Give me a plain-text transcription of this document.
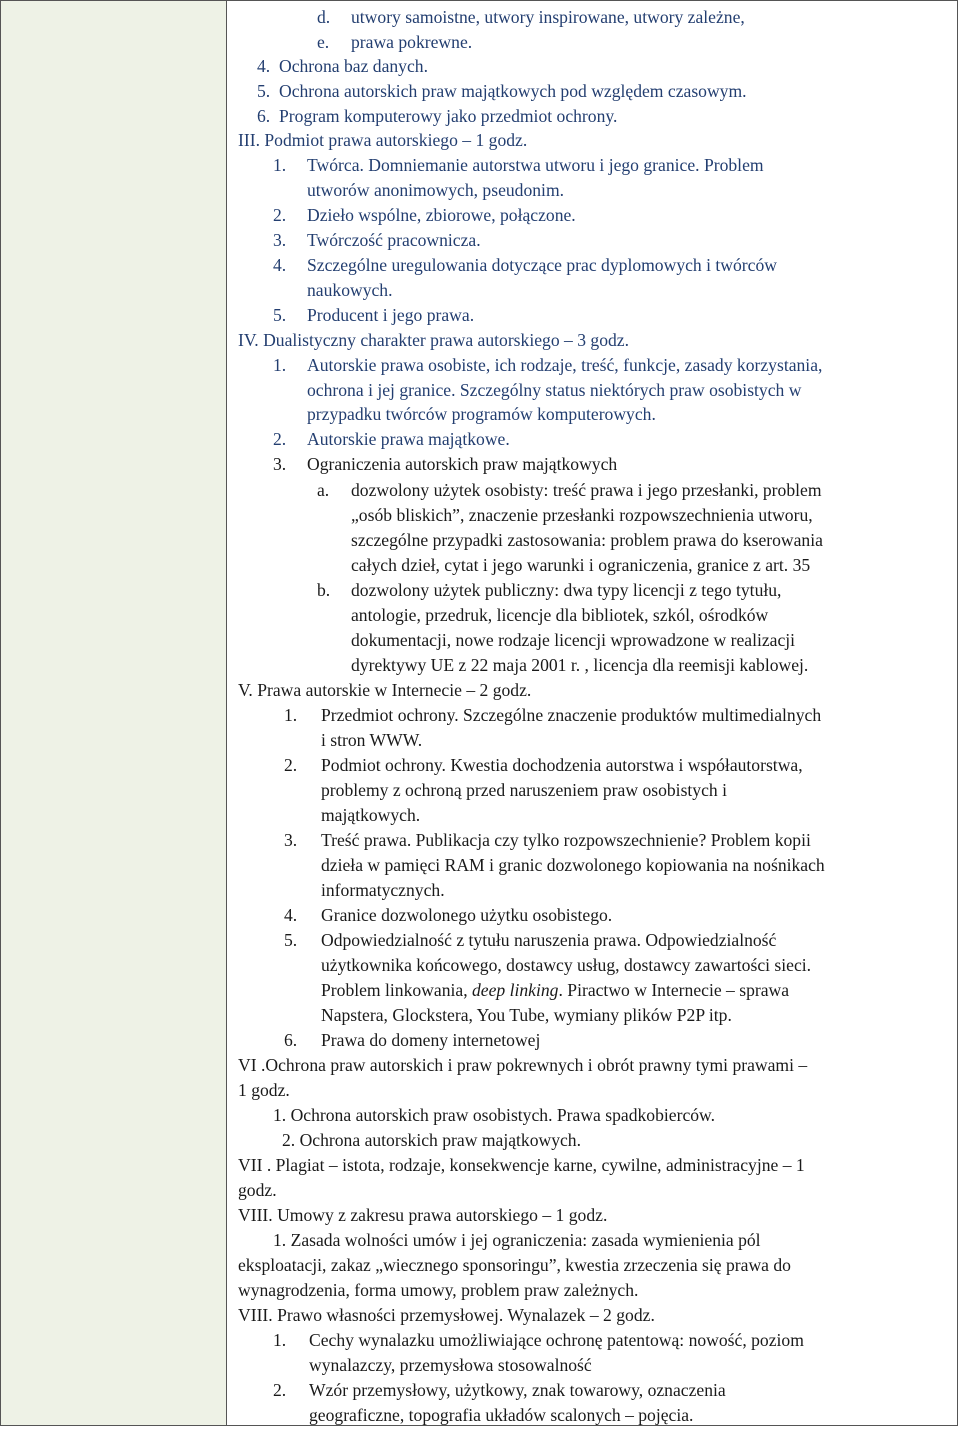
d. utwory samoistne, utwory inspirowane, utwory zależne,
e. prawa pokrewne.
4. Ochrona baz danych.
5. Ochrona autorskich praw majątkowych pod względem czasowym.
6. Program komputerowy jako przedmiot ochrony.
III. Podmiot prawa autorskiego – 1 godz.
1. Twórca. Domniemanie autorstwa utworu i jego granice. Problem
utworów anonimowych, pseudonim.
2. Dzieło wspólne, zbiorowe, połączone.
3. Twórczość pracownicza.
4. Szczególne uregulowania dotyczące prac dyplomowych i twórców
naukowych.
5. Producent i jego prawa.
IV. Dualistyczny charakter prawa autorskiego – 3 godz.
1. Autorskie prawa osobiste, ich rodzaje, treść, funkcje, zasady korzystania,
ochrona i jej granice. Szczególny status niektórych praw osobistych w
przypadku twórców programów komputerowych.
2. Autorskie prawa majątkowe.
3. Ograniczenia autorskich praw majątkowych
a. dozwolony użytek osobisty: treść prawa i jego przesłanki, problem
„osób bliskich”, znaczenie przesłanki rozpowszechnienia utworu,
szczególne przypadki zastosowania: problem prawa do kserowania
całych dzieł, cytat i jego warunki i ograniczenia, granice z art. 35
b. dozwolony użytek publiczny: dwa typy licencji z tego tytułu,
antologie, przedruk, licencje dla bibliotek, szkól, ośrodków
dokumentacji, nowe rodzaje licencji wprowadzone w realizacji
dyrektywy UE z 22 maja 2001 r. , licencja dla reemisji kablowej.
V. Prawa autorskie w Internecie – 2 godz.
1. Przedmiot ochrony. Szczególne znaczenie produktów multimedialnych
i stron WWW.
2. Podmiot ochrony. Kwestia dochodzenia autorstwa i współautorstwa,
problemy z ochroną przed naruszeniem praw osobistych i
majątkowych.
3. Treść prawa. Publikacja czy tylko rozpowszechnienie? Problem kopii
dzieła w pamięci RAM i granic dozwolonego kopiowania na nośnikach
informatycznych.
4. Granice dozwolonego użytku osobistego.
5. Odpowiedzialność z tytułu naruszenia prawa. Odpowiedzialność
użytkownika końcowego, dostawcy usług, dostawcy zawartości sieci.
Problem linkowania, deep linking. Piractwo w Internecie – sprawa
Napstera, Glockstera, You Tube, wymiany plików P2P itp.
6. Prawa do domeny internetowej
VI .Ochrona praw autorskich i praw pokrewnych i obrót prawny tymi prawami –
1 godz.
1. Ochrona autorskich praw osobistych. Prawa spadkobierców.
2. Ochrona autorskich praw majątkowych.
VII . Plagiat – istota, rodzaje, konsekwencje karne, cywilne, administracyjne – 1
godz.
VIII. Umowy z zakresu prawa autorskiego – 1 godz.
1. Zasada wolności umów i jej ograniczenia: zasada wymienienia pól
eksploatacji, zakaz „wiecznego sponsoringu”, kwestia zrzeczenia się prawa do
wynagrodzenia, forma umowy, problem praw zależnych.
VIII. Prawo własności przemysłowej. Wynalazek – 2 godz.
1. Cechy wynalazku umożliwiające ochronę patentową: nowość, poziom
wynalazczy, przemysłowa stosowalność
2. Wzór przemysłowy, użytkowy, znak towarowy, oznaczenia
geograficzne, topografia układów scalonych – pojęcia.
